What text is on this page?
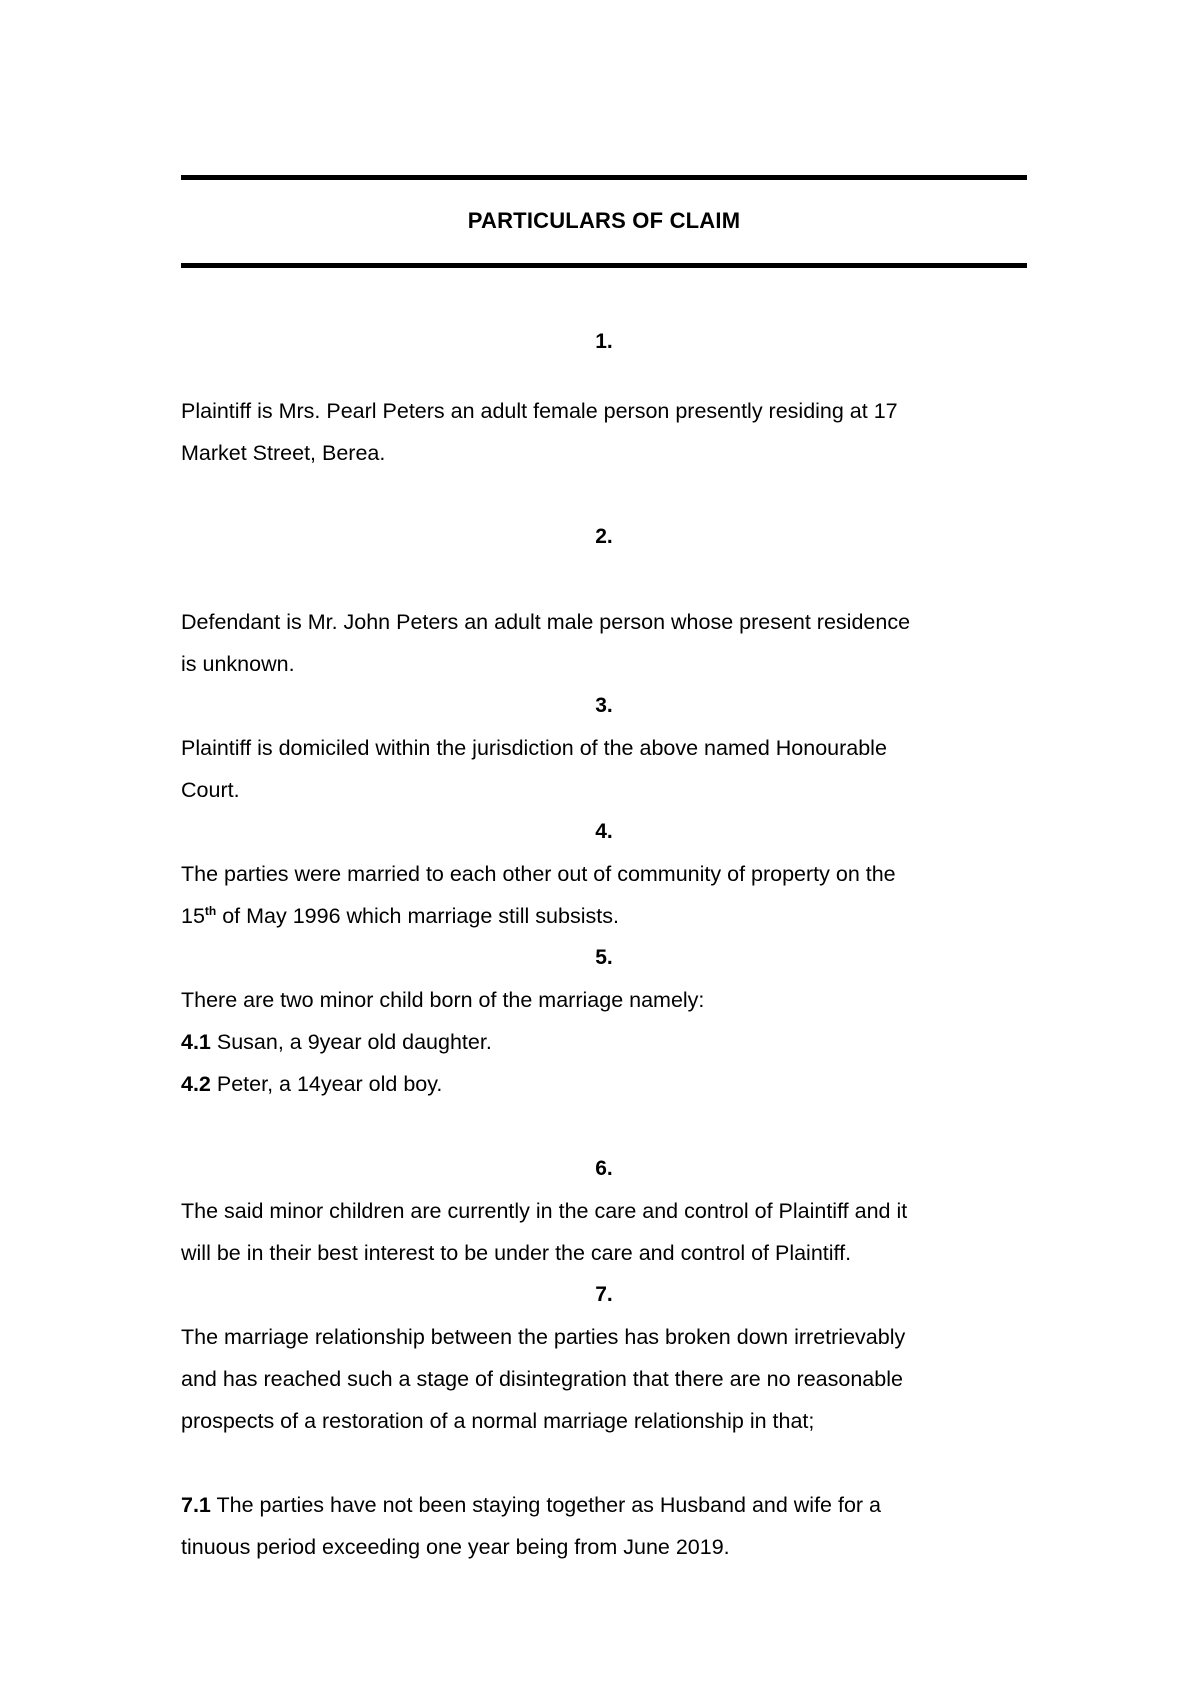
PARTICULARS OF CLAIM
1.
Plaintiff is Mrs. Pearl Peters an adult female person presently residing at 17
Market Street, Berea.
2.
Defendant is Mr. John Peters an adult male person whose present residence
is unknown.
3.
Plaintiff is domiciled within the jurisdiction of the above named Honourable
Court.
4.
The parties were married to each other out of community of property on the
15th of May 1996 which marriage still subsists.
5.
There are two minor child born of the marriage namely:
4.1 Susan, a 9year old daughter.
4.2 Peter, a 14year old boy.
6.
The said minor children are currently in the care and control of Plaintiff and it
will be in their best interest to be under the care and control of Plaintiff.
7.
The marriage relationship between the parties has broken down irretrievably
and has reached such a stage of disintegration that there are no reasonable
prospects of a restoration of a normal marriage relationship in that;
7.1 The parties have not been staying together as Husband and wife for a
tinuous period exceeding one year being from June 2019.
